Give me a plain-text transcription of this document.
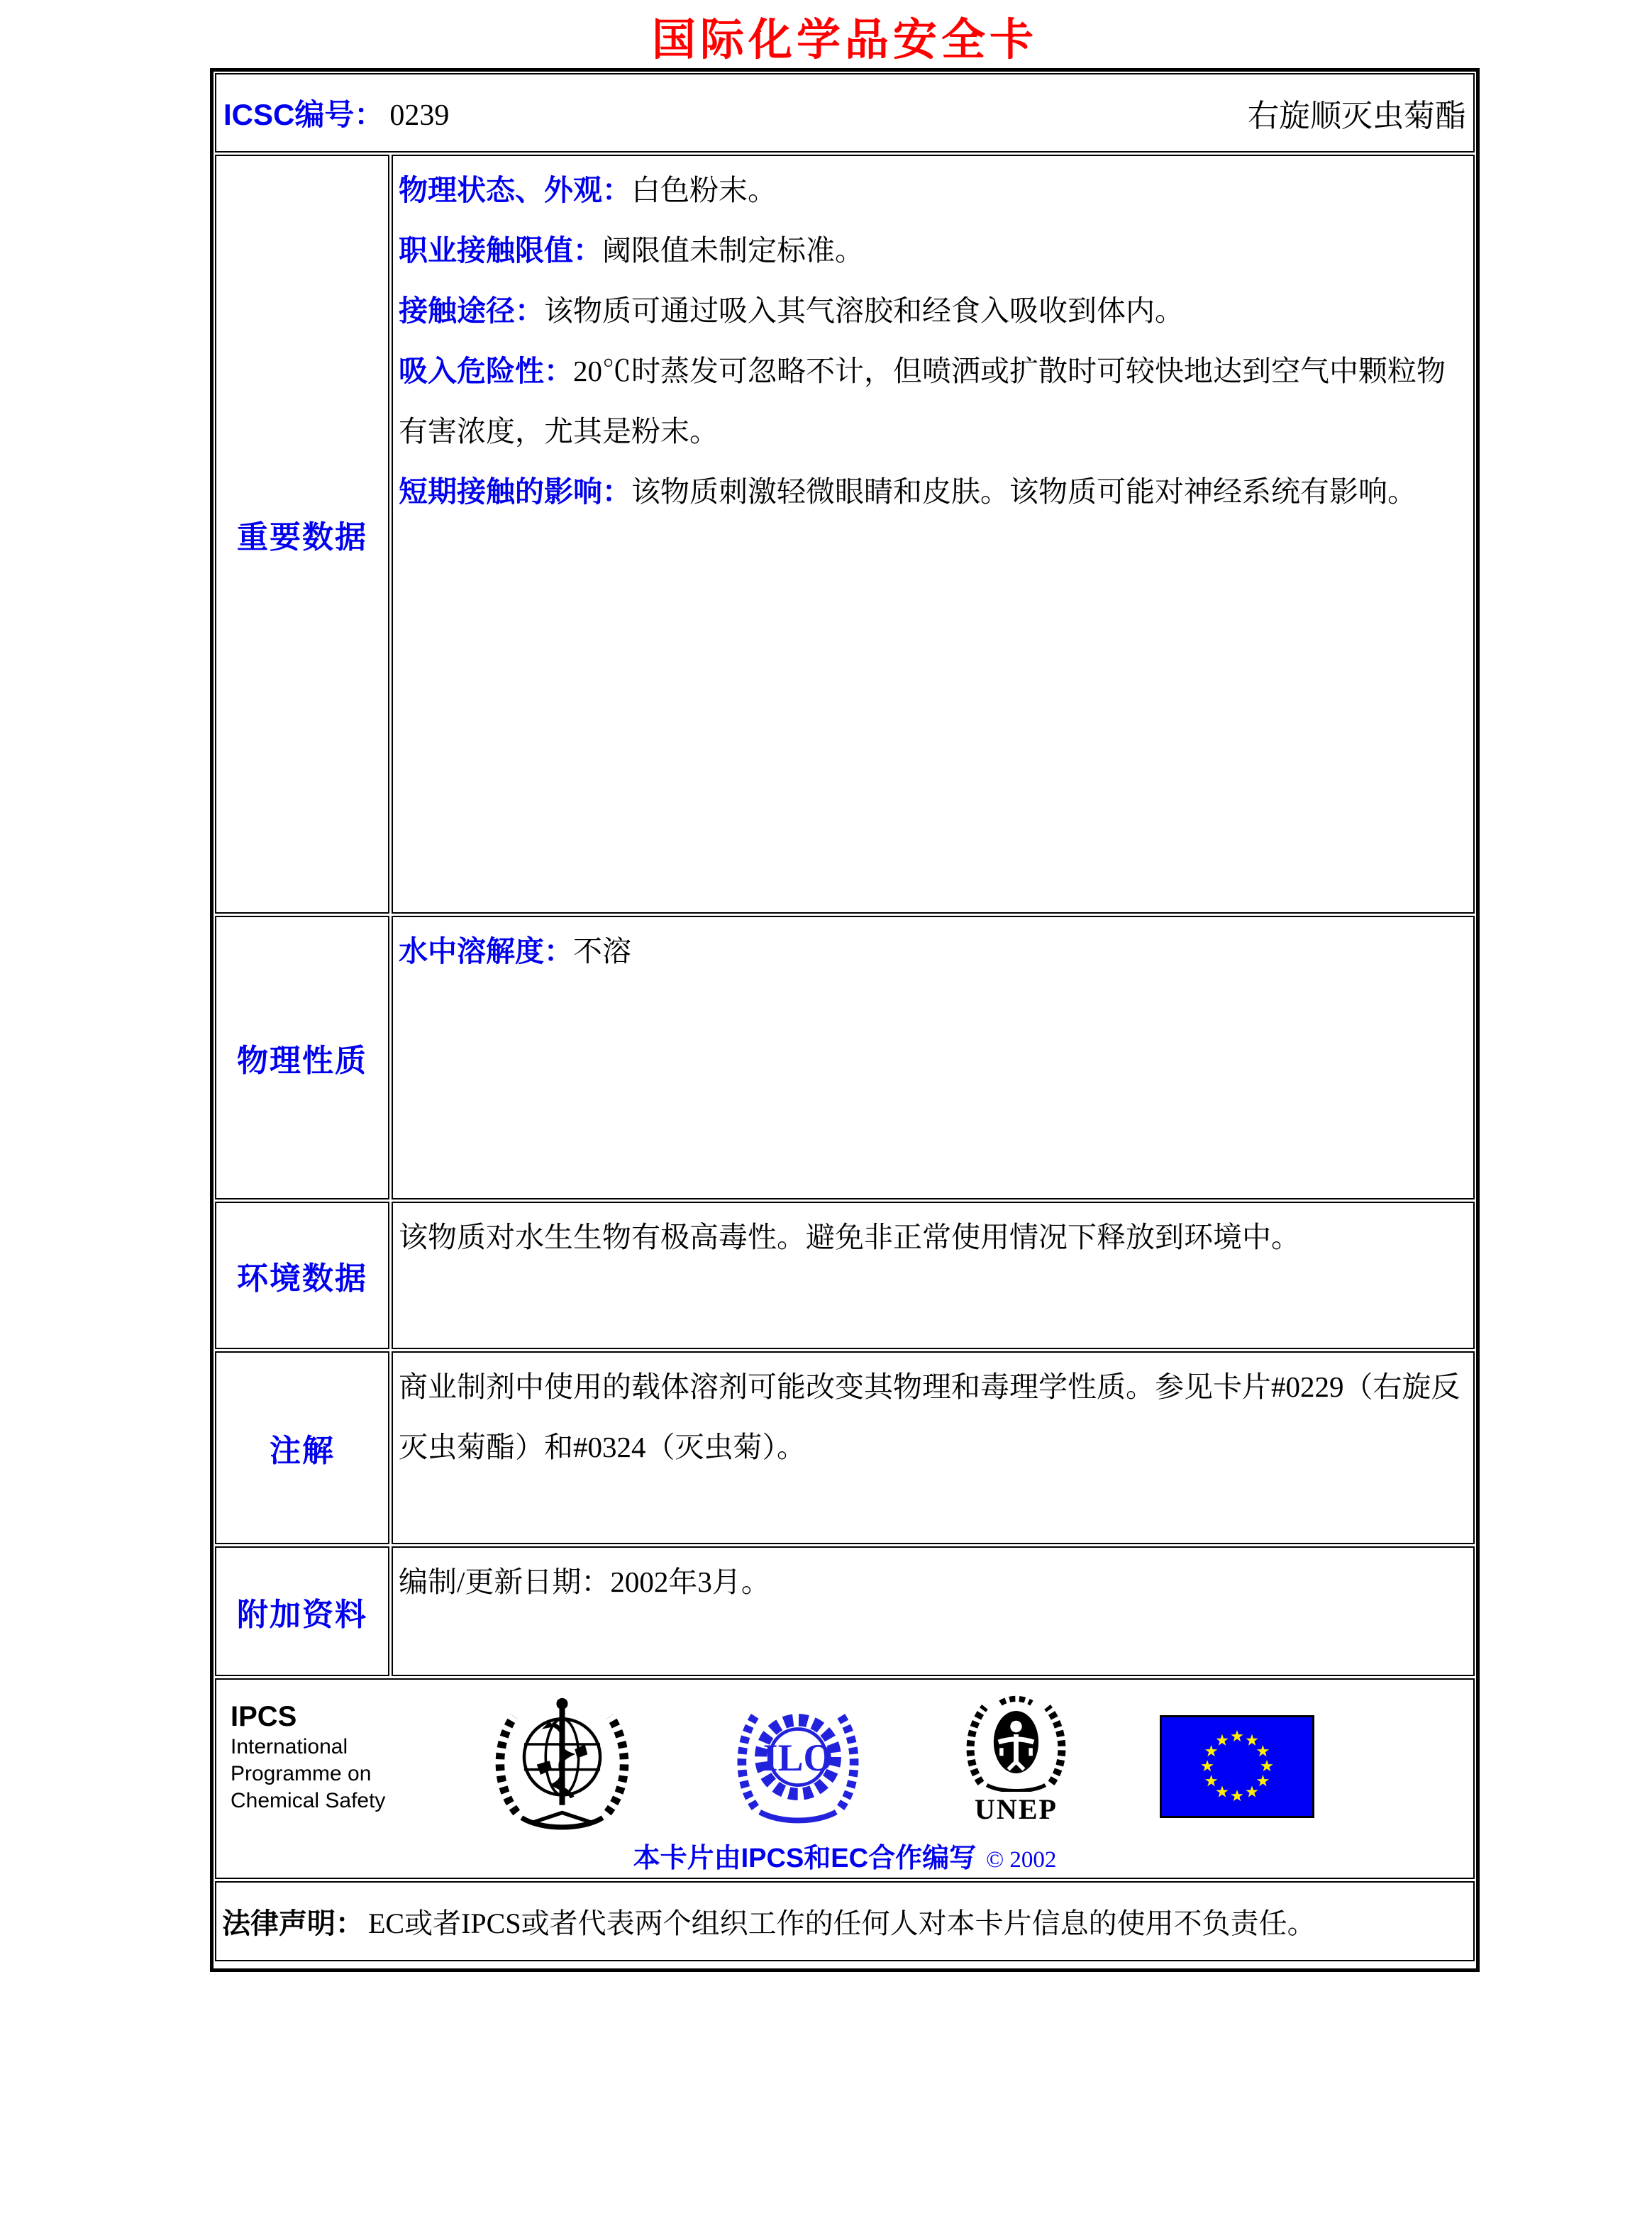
国际化学品安全卡
ICSC编号： 0239	右旋顺灭虫菊酯
重要数据
物理状态、外观：白色粉末。
职业接触限值：阈限值未制定标准。
接触途径：该物质可通过吸入其气溶胶和经食入吸收到体内。
吸入危险性：20℃时蒸发可忽略不计，但喷洒或扩散时可较快地达到空气中颗粒物有害浓度，尤其是粉末。
短期接触的影响：该物质刺激轻微眼睛和皮肤。该物质可能对神经系统有影响。
物理性质
水中溶解度：不溶
环境数据
该物质对水生生物有极高毒性。避免非正常使用情况下释放到环境中。
注解
商业制剂中使用的载体溶剂可能改变其物理和毒理学性质。参见卡片#0229（右旋反灭虫菊酯）和#0324（灭虫菊）。
附加资料
编制/更新日期：2002年3月。
IPCS
International
Programme on
Chemical Safety
ILO
UNEP
本卡片由IPCS和EC合作编写 © 2002
法律声明： EC或者IPCS或者代表两个组织工作的任何人对本卡片信息的使用不负责任。
